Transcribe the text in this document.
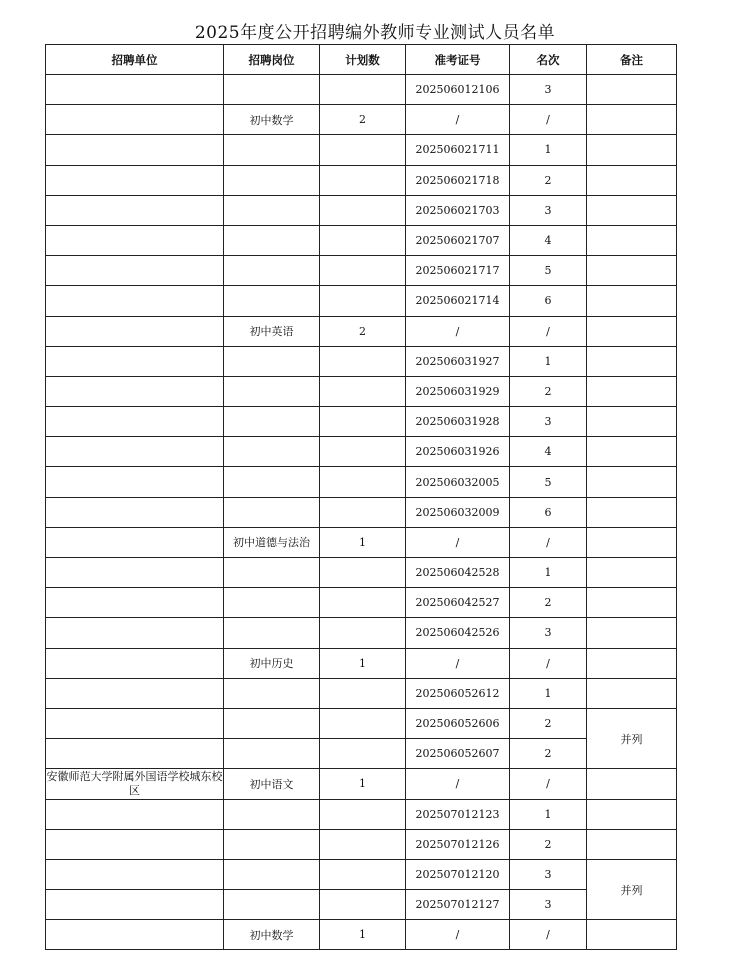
2025年度公开招聘编外教师专业测试人员名单
招聘单位	招聘岗位	计划数	准考证号	名次	备注
			202506012106	3	
	初中数学	2	/	/	
			202506021711	1	
			202506021718	2	
			202506021703	3	
			202506021707	4	
			202506021717	5	
			202506021714	6	
	初中英语	2	/	/	
			202506031927	1	
			202506031929	2	
			202506031928	3	
			202506031926	4	
			202506032005	5	
			202506032009	6	
	初中道德与法治	1	/	/	
			202506042528	1	
			202506042527	2	
			202506042526	3	
	初中历史	1	/	/	
			202506052612	1	
			202506052606	2	并列
			202506052607	2	
安徽师范大学附属外国语学校城东校区	初中语文	1	/	/	
			202507012123	1	
			202507012126	2	
			202507012120	3	并列
			202507012127	3	
	初中数学	1	/	/	
